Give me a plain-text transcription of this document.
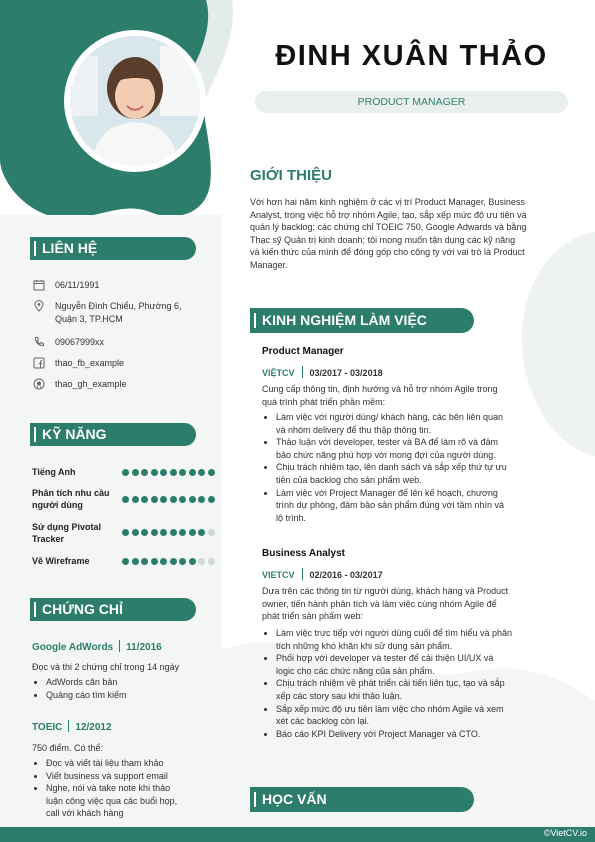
ĐINH XUÂN THẢO
PRODUCT MANAGER
GIỚI THIỆU
Với hơn hai năm kinh nghiệm ở các vị trí Product Manager, Business
Analyst, trong việc hỗ trợ nhóm Agile, tạo, sắp xếp mức độ ưu tiên và
quản lý backlog; các chứng chỉ TOEIC 750, Google Adwards và bằng
Thạc sỹ Quản trị kinh doanh; tôi mong muốn tận dụng các kỹ năng
và kiến thức của mình để đóng góp cho công ty với vai trò là Product
Manager.
LIÊN HỆ
06/11/1991
Nguyễn Đình Chiểu, Phường 6,
Quận 3, TP.HCM
09067999xx
thao_fb_example
thao_gh_example
KỸ NĂNG
Tiếng Anh
Phân tích nhu cầu
người dùng
Sử dụng Pivotal
Tracker
Vẽ Wireframe
CHỨNG CHỈ
Google AdWords 11/2016
Đọc và thi 2 chứng chỉ trong 14 ngày
• AdWords căn bản
• Quảng cáo tìm kiếm
TOEIC 12/2012
750 điểm. Có thể:
• Đọc và viết tài liệu tham khảo
• Viết business và support email
• Nghe, nói và take note khi thảo
luận công việc qua các buổi họp,
call với khách hàng
KINH NGHIỆM LÀM VIỆC
Product Manager
VIỆTCV 03/2017 - 03/2018
Cung cấp thông tin, định hướng và hỗ trợ nhóm Agile trong
quá trình phát triển phần mềm:
• Làm việc với người dùng/ khách hàng, các bên liên quan
và nhóm delivery để thu thập thông tin.
• Thảo luận với developer, tester và BA để làm rõ và đảm
bảo chức năng phù hợp với mong đợi của người dùng.
• Chịu trách nhiệm tạo, lên danh sách và sắp xếp thứ tự ưu
tiên của backlog cho sản phẩm web.
• Làm việc với Project Manager để lên kế hoạch, chương
trình dự phòng, đảm bảo sản phẩm đúng với tầm nhìn và
lộ trình.
Business Analyst
VIETCV 02/2016 - 03/2017
Dựa trên các thông tin từ người dùng, khách hàng và Product
owner, tiến hành phân tích và làm việc cùng nhóm Agile để
phát triển sản phẩm web:
• Làm việc trực tiếp với người dùng cuối để tìm hiểu và phân
tích những khó khăn khi sử dụng sản phẩm.
• Phối hợp với developer và tester để cải thiện UI/UX và
logic cho các chức năng của sản phẩm.
• Chịu trách nhiệm về phát triển cải tiến liên tục, tạo và sắp
xếp các story sau khi thảo luận.
• Sắp xếp mức độ ưu tiên làm việc cho nhóm Agile và xem
xét các backlog còn lại.
• Báo cáo KPI Delivery với Project Manager và CTO.
HỌC VẤN
©VietCV.io
